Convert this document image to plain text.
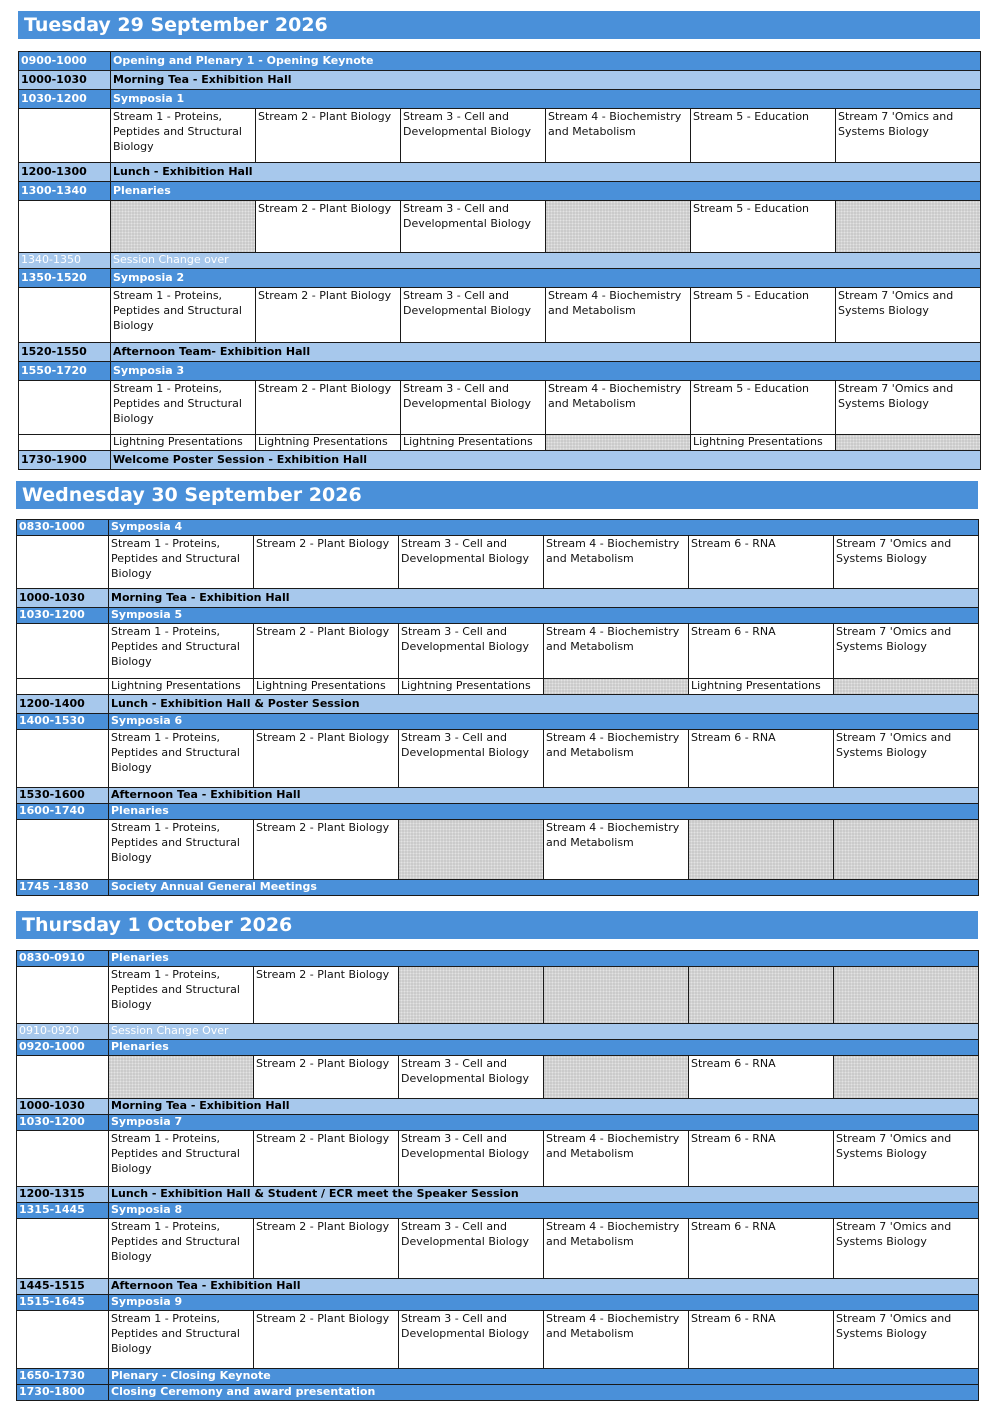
Tuesday 29 September 2026
0900-1000	Opening and Plenary 1 - Opening Keynote					
1000-1030	Morning Tea - Exhibition Hall					
1030-1200	Symposia 1					
	Stream 1 - Proteins, Peptides and Structural Biology	Stream 2 - Plant Biology	Stream 3 - Cell and Developmental Biology	Stream 4 - Biochemistry and Metabolism	Stream 5 - Education	Stream 7 'Omics and Systems Biology
1200-1300	Lunch - Exhibition Hall					
1300-1340	Plenaries					
		Stream 2 - Plant Biology	Stream 3 - Cell and Developmental Biology		Stream 5 - Education	
1340-1350	Session Change over					
1350-1520	Symposia 2					
	Stream 1 - Proteins, Peptides and Structural Biology	Stream 2 - Plant Biology	Stream 3 - Cell and Developmental Biology	Stream 4 - Biochemistry and Metabolism	Stream 5 - Education	Stream 7 'Omics and Systems Biology
1520-1550	Afternoon Team- Exhibition Hall					
1550-1720	Symposia 3					
	Stream 1 - Proteins, Peptides and Structural Biology	Stream 2 - Plant Biology	Stream 3 - Cell and Developmental Biology	Stream 4 - Biochemistry and Metabolism	Stream 5 - Education	Stream 7 'Omics and Systems Biology
	Lightning Presentations	Lightning Presentations	Lightning Presentations		Lightning Presentations	
1730-1900	Welcome Poster Session - Exhibition Hall					
Wednesday 30 September 2026
0830-1000	Symposia 4					
	Stream 1 - Proteins, Peptides and Structural Biology	Stream 2 - Plant Biology	Stream 3 - Cell and Developmental Biology	Stream 4 - Biochemistry and Metabolism	Stream 6 - RNA	Stream 7 'Omics and Systems Biology
1000-1030	Morning Tea - Exhibition Hall					
1030-1200	Symposia 5					
	Stream 1 - Proteins, Peptides and Structural Biology	Stream 2 - Plant Biology	Stream 3 - Cell and Developmental Biology	Stream 4 - Biochemistry and Metabolism	Stream 6 - RNA	Stream 7 'Omics and Systems Biology
	Lightning Presentations	Lightning Presentations	Lightning Presentations		Lightning Presentations	
1200-1400	Lunch - Exhibition Hall & Poster Session					
1400-1530	Symposia 6					
	Stream 1 - Proteins, Peptides and Structural Biology	Stream 2 - Plant Biology	Stream 3 - Cell and Developmental Biology	Stream 4 - Biochemistry and Metabolism	Stream 6 - RNA	Stream 7 'Omics and Systems Biology
1530-1600	Afternoon Tea - Exhibition Hall					
1600-1740	Plenaries					
	Stream 1 - Proteins, Peptides and Structural Biology	Stream 2 - Plant Biology		Stream 4 - Biochemistry and Metabolism		
1745 -1830	Society Annual General Meetings					
Thursday 1 October 2026
0830-0910	Plenaries					
	Stream 1 - Proteins, Peptides and Structural Biology	Stream 2 - Plant Biology				
0910-0920	Session Change Over					
0920-1000	Plenaries					
		Stream 2 - Plant Biology	Stream 3 - Cell and Developmental Biology		Stream 6 - RNA	
1000-1030	Morning Tea - Exhibition Hall					
1030-1200	Symposia 7					
	Stream 1 - Proteins, Peptides and Structural Biology	Stream 2 - Plant Biology	Stream 3 - Cell and Developmental Biology	Stream 4 - Biochemistry and Metabolism	Stream 6 - RNA	Stream 7 'Omics and Systems Biology
1200-1315	Lunch - Exhibition Hall & Student / ECR meet the Speaker Session					
1315-1445	Symposia 8					
	Stream 1 - Proteins, Peptides and Structural Biology	Stream 2 - Plant Biology	Stream 3 - Cell and Developmental Biology	Stream 4 - Biochemistry and Metabolism	Stream 6 - RNA	Stream 7 'Omics and Systems Biology
1445-1515	Afternoon Tea - Exhibition Hall					
1515-1645	Symposia 9					
	Stream 1 - Proteins, Peptides and Structural Biology	Stream 2 - Plant Biology	Stream 3 - Cell and Developmental Biology	Stream 4 - Biochemistry and Metabolism	Stream 6 - RNA	Stream 7 'Omics and Systems Biology
1650-1730	Plenary - Closing Keynote					
1730-1800	Closing Ceremony and award presentation					
